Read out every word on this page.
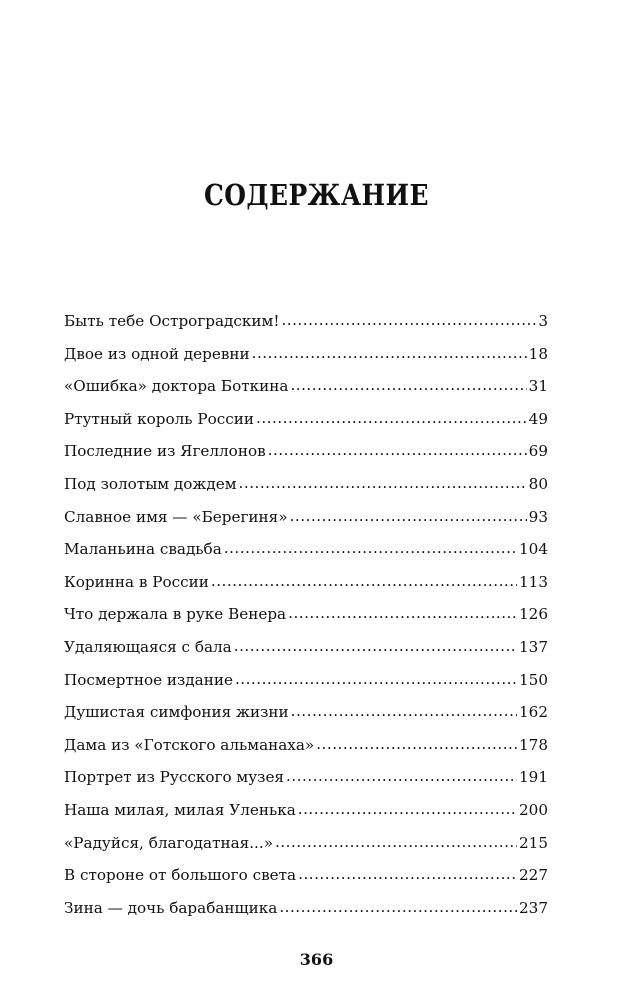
СОДЕРЖАНИЕ
Быть тебе Остроградским! .....	3
Двое из одной деревни .....	18
«Ошибка» доктора Боткина .....	31
Ртутный король России .....	49
Последние из Ягеллонов .....	69
Под золотым дождем .....	80
Славное имя — «Берегиня» .....	93
Маланьина свадьба .....	104
Коринна в России .....	113
Что держала в руке Венера .....	126
Удаляющаяся с бала .....	137
Посмертное издание .....	150
Душистая симфония жизни .....	162
Дама из «Готского альманаха» .....	178
Портрет из Русского музея .....	191
Наша милая, милая Уленька .....	200
«Радуйся, благодатная...» .....	215
В стороне от большого света .....	227
Зина — дочь барабанщика .....	237

366
